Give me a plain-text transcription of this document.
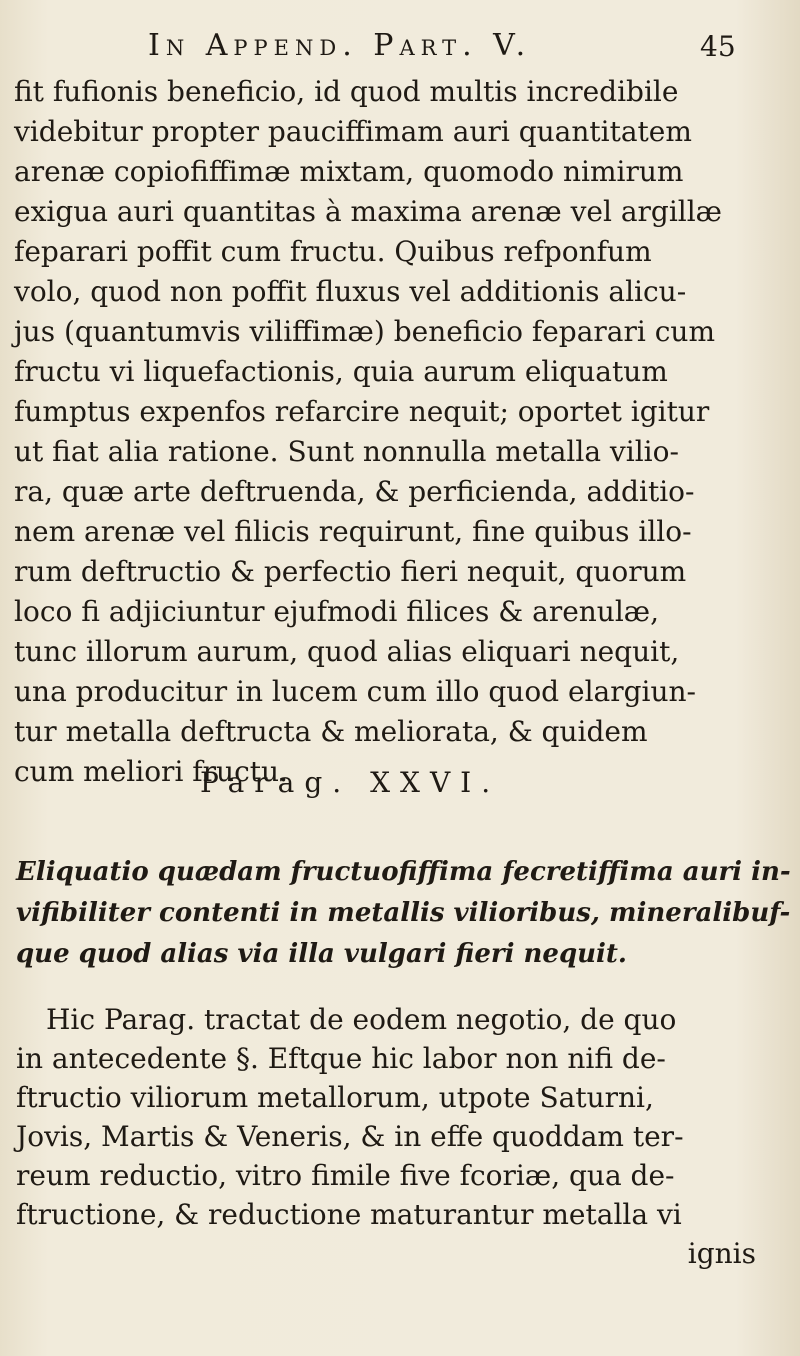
In Append. Part. V.	45
fit fufionis beneficio, id quod multis incredibile
videbitur propter pauciffimam auri quantitatem
arenæ copiofiffimæ mixtam, quomodo nimirum
exigua auri quantitas à maxima arenæ vel argillæ
feparari poffit cum fructu. Quibus refponfum
volo, quod non poffit fluxus vel additionis alicu-
jus (quantumvis viliffimæ) beneficio feparari cum
fructu vi liquefactionis, quia aurum eliquatum
fumptus expenfos refarcire nequit; oportet igitur
ut fiat alia ratione. Sunt nonnulla metalla vilio-
ra, quæ arte deftruenda, & perficienda, additio-
nem arenæ vel filicis requirunt, fine quibus illo-
rum deftructio & perfectio fieri nequit, quorum
loco fi adjiciuntur ejufmodi filices & arenulæ,
tunc illorum aurum, quod alias eliquari nequit,
una producitur in lucem cum illo quod elargiun-
tur metalla deftructa & meliorata, & quidem
cum meliori fructu.
Parag. XXVI.
Eliquatio quædam fructuofiffima fecretiffima auri in-
vifibiliter contenti in metallis vilioribus, mineralibuf-
que quod alias via illa vulgari fieri nequit.
Hic Parag. tractat de eodem negotio, de quo
in antecedente §. Eftque hic labor non nifi de-
ftructio viliorum metallorum, utpote Saturni,
Jovis, Martis & Veneris, & in effe quoddam ter-
reum reductio, vitro fimile five fcoriæ, qua de-
ftructione, & reductione maturantur metalla vi
ignis
